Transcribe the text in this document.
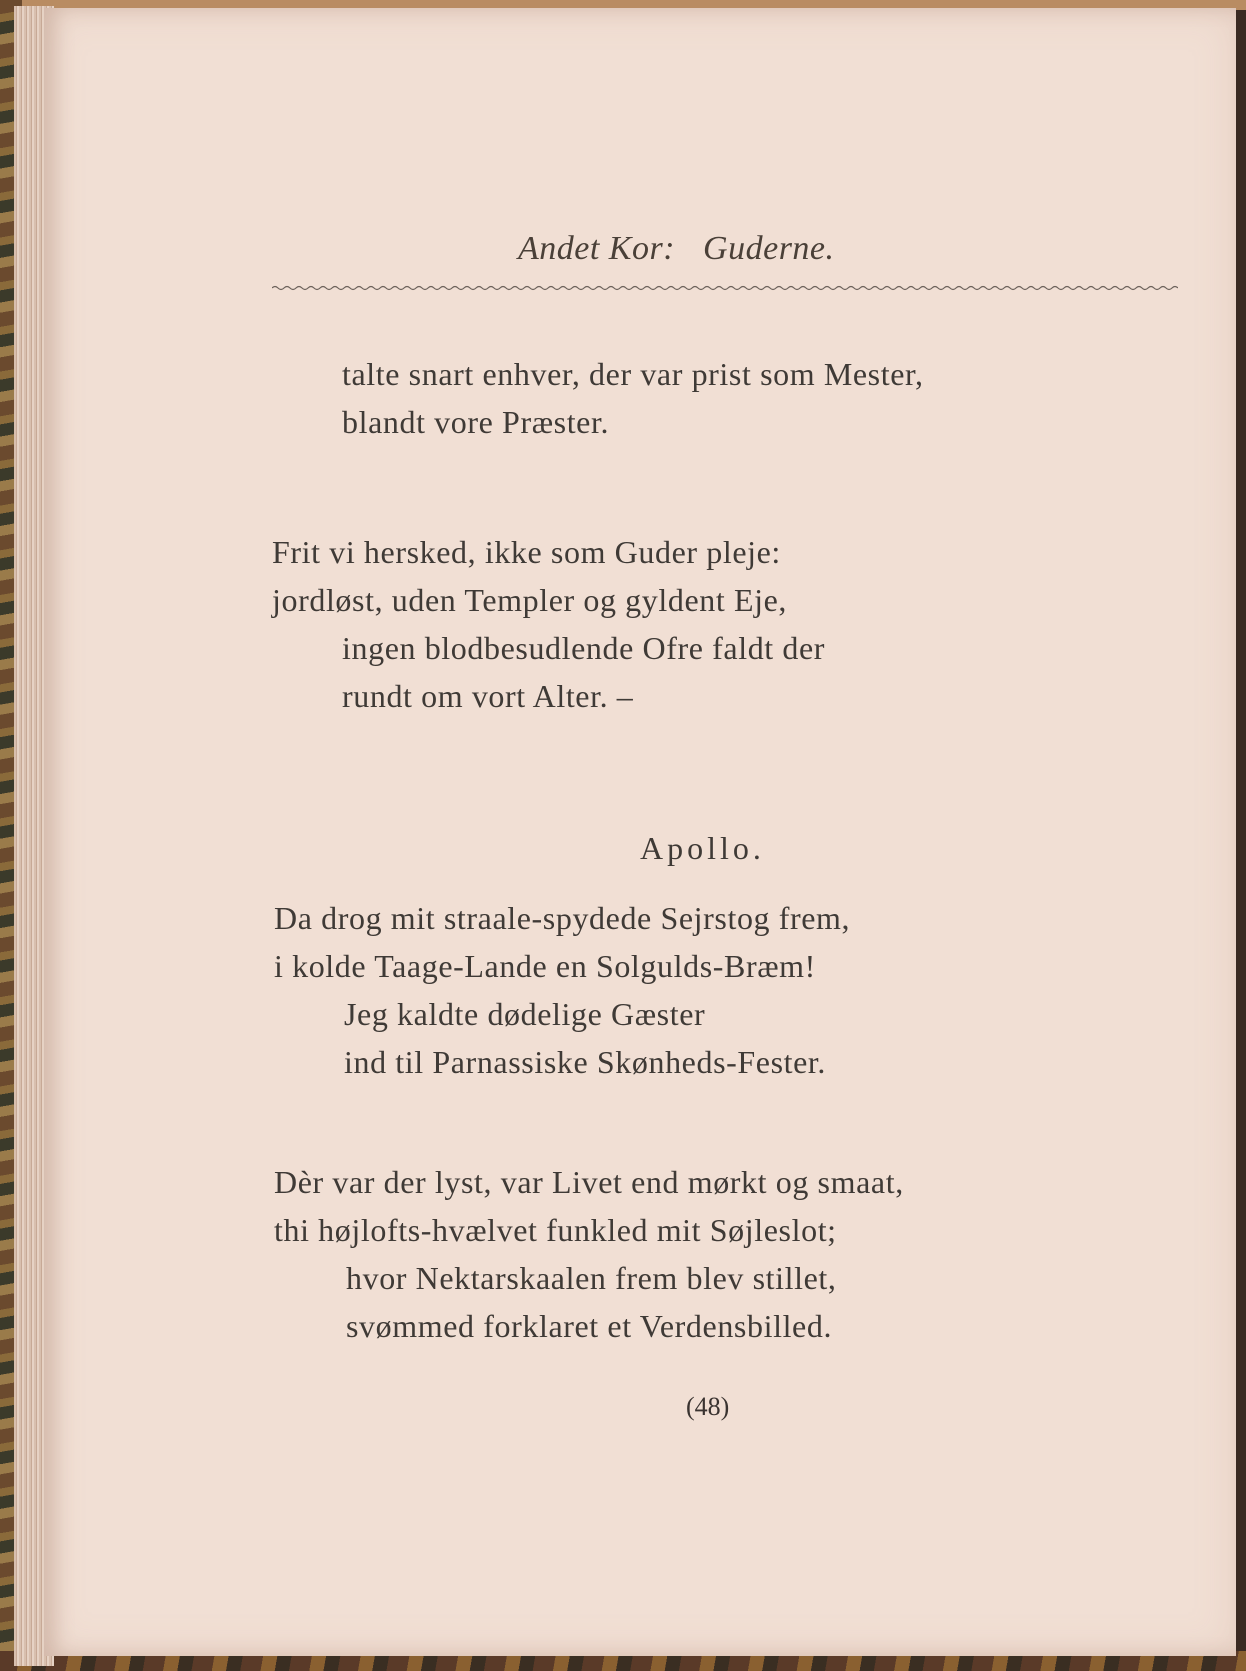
Andet Kor: Guderne.
talte snart enhver, der var prist som Mester,
blandt vore Præster.
Frit vi hersked, ikke som Guder pleje:
jordløst, uden Templer og gyldent Eje,
ingen blodbesudlende Ofre faldt der
rundt om vort Alter. –
Apollo.
Da drog mit straale-spydede Sejrstog frem,
i kolde Taage-Lande en Solgulds-Bræm!
Jeg kaldte dødelige Gæster
ind til Parnassiske Skønheds-Fester.
Dèr var der lyst, var Livet end mørkt og smaat,
thi højlofts-hvælvet funkled mit Søjleslot;
hvor Nektarskaalen frem blev stillet,
svømmed forklaret et Verdensbilled.
(48)
